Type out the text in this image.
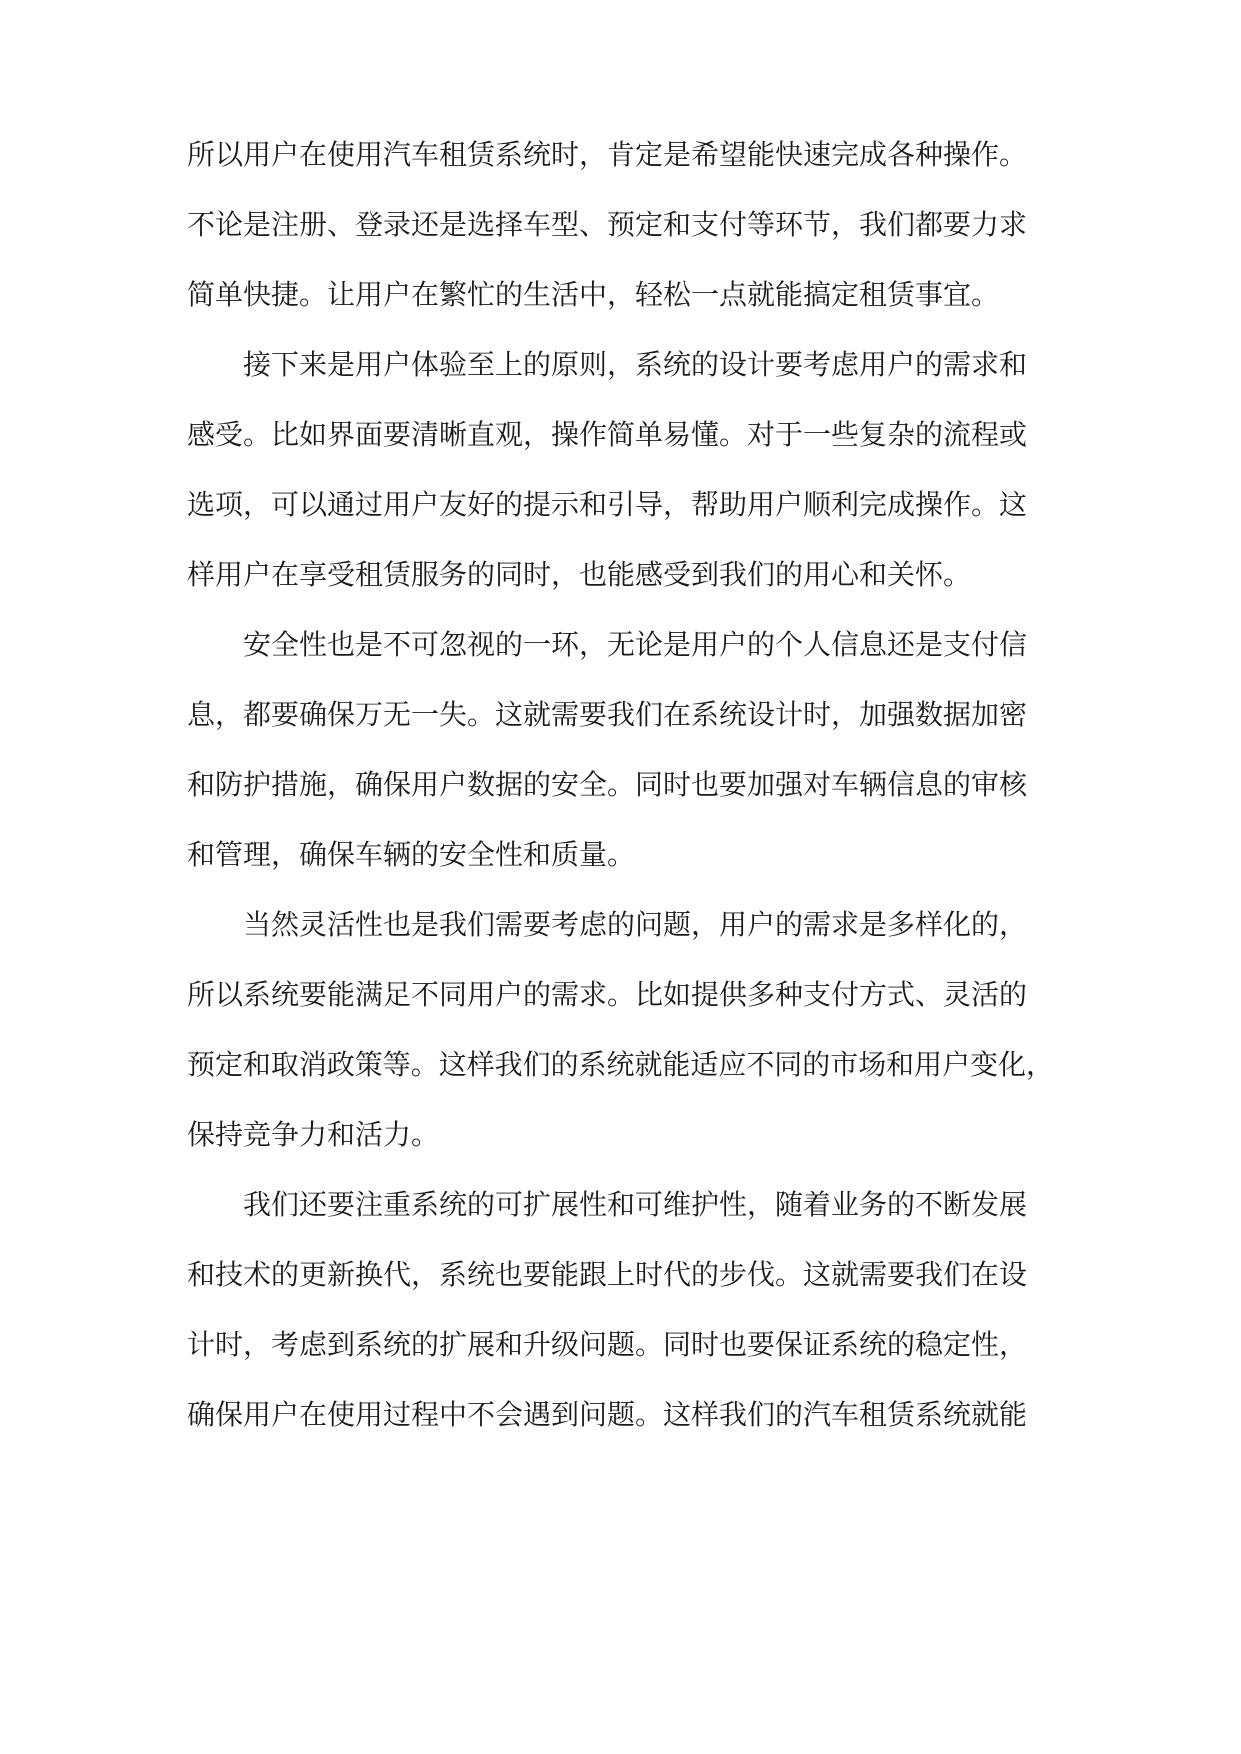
所以用户在使用汽车租赁系统时，肯定是希望能快速完成各种操作。
不论是注册、登录还是选择车型、预定和支付等环节，我们都要力求
简单快捷。让用户在繁忙的生活中，轻松一点就能搞定租赁事宜。
接下来是用户体验至上的原则，系统的设计要考虑用户的需求和
感受。比如界面要清晰直观，操作简单易懂。对于一些复杂的流程或
选项，可以通过用户友好的提示和引导，帮助用户顺利完成操作。这
样用户在享受租赁服务的同时，也能感受到我们的用心和关怀。
安全性也是不可忽视的一环，无论是用户的个人信息还是支付信
息，都要确保万无一失。这就需要我们在系统设计时，加强数据加密
和防护措施，确保用户数据的安全。同时也要加强对车辆信息的审核
和管理，确保车辆的安全性和质量。
当然灵活性也是我们需要考虑的问题，用户的需求是多样化的，
所以系统要能满足不同用户的需求。比如提供多种支付方式、灵活的
预定和取消政策等。这样我们的系统就能适应不同的市场和用户变化，
保持竞争力和活力。
我们还要注重系统的可扩展性和可维护性，随着业务的不断发展
和技术的更新换代，系统也要能跟上时代的步伐。这就需要我们在设
计时，考虑到系统的扩展和升级问题。同时也要保证系统的稳定性，
确保用户在使用过程中不会遇到问题。这样我们的汽车租赁系统就能
